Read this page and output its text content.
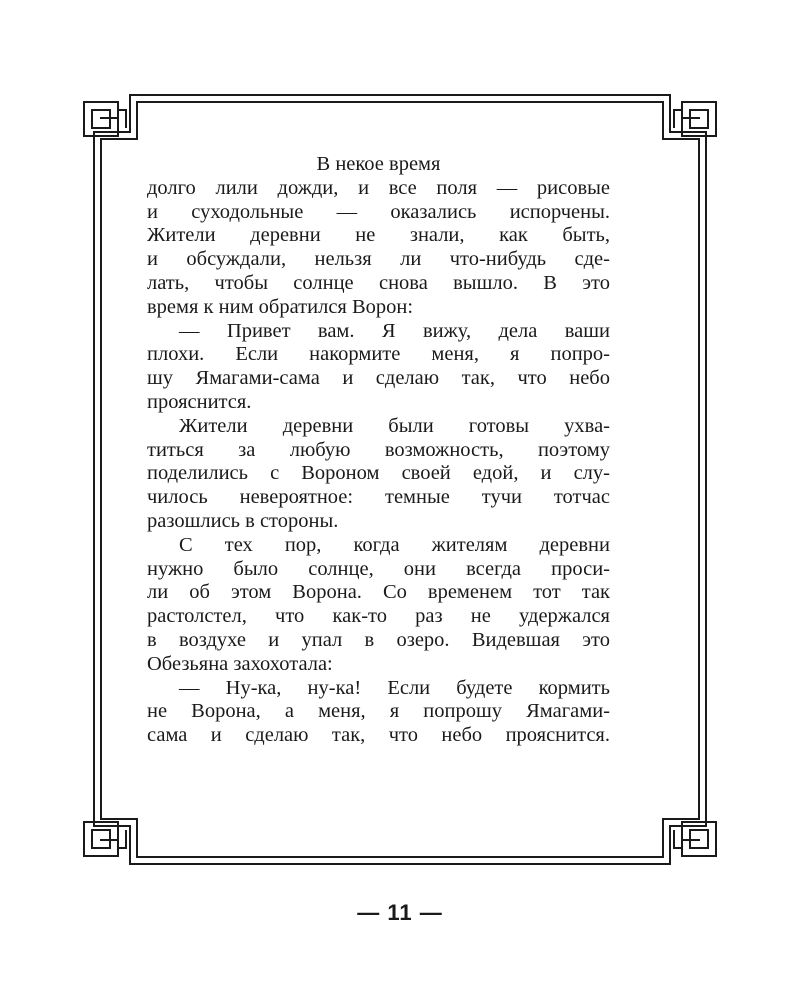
В некое время
долго лили дожди, и все поля — рисовые
и суходольные — оказались испорчены.
Жители деревни не знали, как быть,
и обсуждали, нельзя ли что-нибудь сде-
лать, чтобы солнце снова вышло. В это
время к ним обратился Ворон:
— Привет вам. Я вижу, дела ваши
плохи. Если накормите меня, я попро-
шу Ямагами-сама и сделаю так, что небо
прояснится.
Жители деревни были готовы ухва-
титься за любую возможность, поэтому
поделились с Вороном своей едой, и слу-
чилось невероятное: темные тучи тотчас
разошлись в стороны.
С тех пор, когда жителям деревни
нужно было солнце, они всегда проси-
ли об этом Ворона. Со временем тот так
растолстел, что как-то раз не удержался
в воздухе и упал в озеро. Видевшая это
Обезьяна захохотала:
— Ну-ка, ну-ка! Если будете кормить
не Ворона, а меня, я попрошу Ямагами-
сама и сделаю так, что небо прояснится.
— 11 —
